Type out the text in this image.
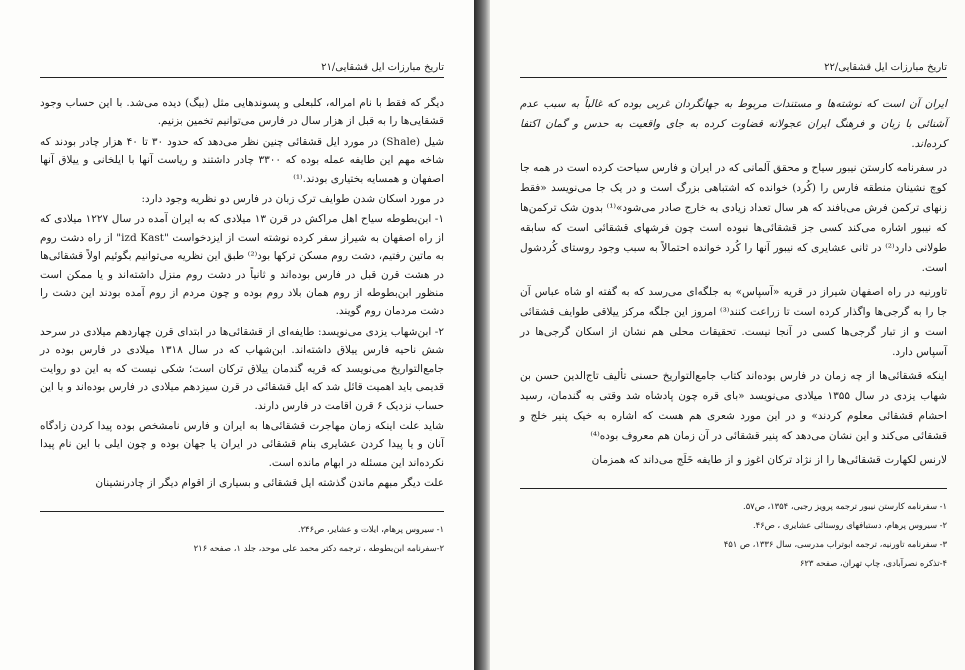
تاریخ مبارزات ایل قشقایی/۲۱

دیگر که فقط با نام امراله، کلبعلی و پسوندهایی مثل (بیگ) دیده می‌شد. با این حساب وجود قشقایی‌ها را به قبل از هزار سال در فارس می‌توانیم تخمین بزنیم.

شیل (Shale) در مورد ایل قشقائی چنین نظر می‌دهد که حدود ۳۰ تا ۴۰ هزار چادر بودند که شاخه مهم این طایفه عمله بوده که ۳۳۰۰ چادر داشتند و ریاست آنها با ایلخانی و ییلاق آنها اصفهان و همسایه بختیاری بودند.⁽¹⁾

در مورد اسکان شدن طوایف ترک زبان در فارس دو نظریه وجود دارد:

۱- ابن‌بطوطه سیاح اهل مراکش در قرن ۱۳ میلادی که به ایران آمده در سال ۱۲۲۷ میلادی که از راه اصفهان به شیراز سفر کرده نوشته است از ایزدخواست "izd Kast" از راه دشت روم به ماتین رفتیم، دشت روم مسکن ترکها بود⁽²⁾ طبق این نظریه می‌توانیم بگوئیم اولاً قشقائی‌ها در هشت قرن قبل در فارس بوده‌اند و ثانیاً در دشت روم منزل داشته‌اند و یا ممکن است منظور ابن‌بطوطه از روم همان بلاد روم بوده و چون مردم از روم آمده بودند این دشت را دشت مردمان روم گویند.

۲- ابن‌شهاب یزدی می‌نویسد: طایفه‌ای از قشقائی‌ها در ابتدای قرن چهاردهم میلادی در سرحد شش ناحیه فارس ییلاق داشته‌اند. ابن‌شهاب که در سال ۱۳۱۸ میلادی در فارس بوده در جامع‌التواریخ می‌نویسد که قریه گندمان ییلاق ترکان است؛ شکی نیست که به این دو روایت قدیمی باید اهمیت قائل شد که ایل قشقائی در قرن سیزدهم میلادی در فارس بوده‌اند و با این حساب نزدیک ۶ قرن اقامت در فارس دارند.

شاید علت اینکه زمان مهاجرت قشقائی‌ها به ایران و فارس نامشخص بوده پیدا کردن زادگاه آنان و یا پیدا کردن عشایری بنام قشقائی در ایران یا جهان بوده و چون ایلی با این نام پیدا نکرده‌اند این مسئله در ابهام مانده است.

علت دیگر مبهم ماندن گذشته ایل قشقائی و بسیاری از اقوام دیگر از چادرنشینان

۱- سیروس پرهام، ایلات و عشایر، ص۲۴۶.
۲-سفرنامه ابن‌بطوطه ، ترجمه دکتر محمد علی موحد، جلد ۱، صفحه ۲۱۶
تاریخ مبارزات ایل قشقایی/۲۲

ایران آن است که نوشته‌ها و مستندات مربوط به جهانگردان غربی بوده که غالباً به سبب عدم آشنائی با زبان و فرهنگ ایران عجولانه قضاوت کرده به جای واقعیت به حدس و گمان اکتفا کرده‌اند.

در سفرنامه کارستن نیبور سیاح و محقق آلمانی که در ایران و فارس سیاحت کرده است در همه جا کوچ نشینان منطقه فارس را (کُرد) خوانده که اشتباهی بزرگ است و در یک جا می‌نویسد «فقط زنهای ترکمن فرش می‌بافند که هر سال تعداد زیادی به خارج صادر می‌شود»⁽¹⁾ بدون شک ترکمن‌ها که نیبور اشاره می‌کند کسی جز قشقائی‌ها نبوده است چون فرشهای قشقائی است که سابقه طولانی دارد⁽²⁾ در ثانی عشایری که نیبور آنها را کُرد خوانده احتمالاً به سبب وجود روستای کُردشول است.

تاورنیه در راه اصفهان شیراز در قریه «آسپاس» به جلگه‌ای می‌رسد که به گفته او شاه عباس آن جا را به گرجی‌ها واگذار کرده است تا زراعت کنند⁽³⁾ امروز این جلگه مرکز ییلاقی طوایف قشقائی است و از تبار گرجی‌ها کسی در آنجا نیست. تحقیقات محلی هم نشان از اسکان گرجی‌ها در آسپاس دارد.

اینکه قشقائی‌ها از چه زمان در فارس بوده‌اند کتاب جامع‌التواریخ حسنی تألیف تاج‌الدین حسن بن شهاب یزدی در سال ۱۳۵۵ میلادی می‌نویسد «بای قره چون پادشاه شد وقتی به گندمان، رسید احشام قشقائی معلوم کردند» و در این مورد شعری هم هست که اشاره به خیک پنیر خلج و قشقائی می‌کند و این نشان می‌دهد که پنیر قشقائی در آن زمان هم معروف بوده⁽⁴⁾

لارنس لکهارت قشقائی‌ها را از نژاد ترکان اغوز و از طایفه خَلَج می‌داند که همزمان

۱- سفرنامه کارستن نیبور ترجمه پرویز رجبی، ۱۳۵۴، ص۵۷.
۲- سیروس پرهام، دستبافهای روستائی عشایری ، ص۴۶.
۳- سفرنامه تاورنیه، ترجمه ابوتراب مدرسی، سال ۱۳۳۶، ص ۴۵۱
۴-تذکره نصرآبادی، چاپ تهران، صفحه ۶۲۳
